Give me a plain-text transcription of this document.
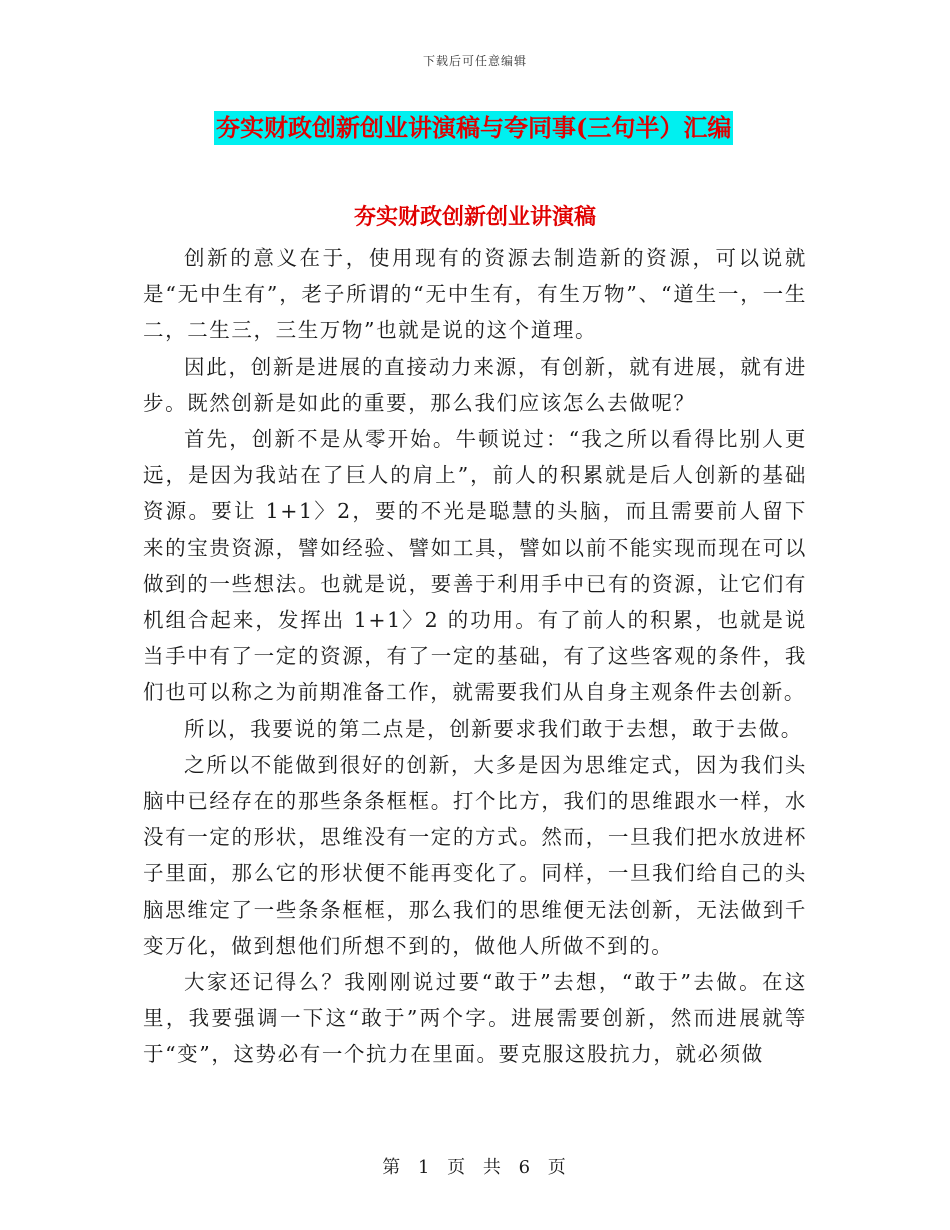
下载后可任意编辑
夯实财政创新创业讲演稿与夸同事(三句半）汇编
夯实财政创新创业讲演稿

创新的意义在于，使用现有的资源去制造新的资源，可以说就是“无中生有”，老子所谓的“无中生有，有生万物”、“道生一，一生二，二生三，三生万物”也就是说的这个道理。

因此，创新是进展的直接动力来源，有创新，就有进展，就有进步。既然创新是如此的重要，那么我们应该怎么去做呢？

首先，创新不是从零开始。牛顿说过：“我之所以看得比别人更远，是因为我站在了巨人的肩上”，前人的积累就是后人创新的基础资源。要让 1+1〉2，要的不光是聪慧的头脑，而且需要前人留下来的宝贵资源，譬如经验、譬如工具，譬如以前不能实现而现在可以做到的一些想法。也就是说，要善于利用手中已有的资源，让它们有机组合起来，发挥出 1+1〉2 的功用。有了前人的积累，也就是说当手中有了一定的资源，有了一定的基础，有了这些客观的条件，我们也可以称之为前期准备工作，就需要我们从自身主观条件去创新。

所以，我要说的第二点是，创新要求我们敢于去想，敢于去做。

之所以不能做到很好的创新，大多是因为思维定式，因为我们头脑中已经存在的那些条条框框。打个比方，我们的思维跟水一样，水没有一定的形状，思维没有一定的方式。然而，一旦我们把水放进杯子里面，那么它的形状便不能再变化了。同样，一旦我们给自己的头脑思维定了一些条条框框，那么我们的思维便无法创新，无法做到千变万化，做到想他们所想不到的，做他人所做不到的。

大家还记得么？我刚刚说过要“敢于”去想，“敢于”去做。在这里，我要强调一下这“敢于”两个字。进展需要创新，然而进展就等于“变”，这势必有一个抗力在里面。要克服这股抗力，就必须做

第 1 页 共 6 页
